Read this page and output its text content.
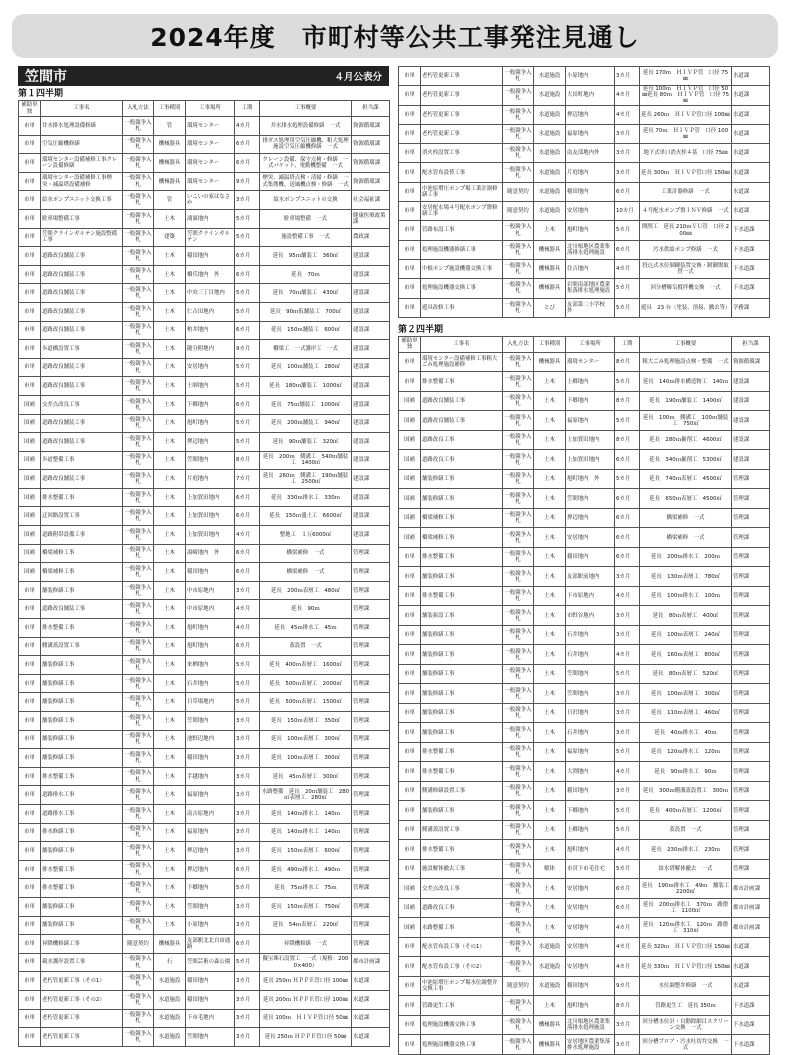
2024年度　市町村等公共工事発注見通し
笠間市	４月公表分
第１四半期
補助単独	工事名	入札方法	工事種別	工事場所	工期	工事概要	担当課
市単	井水排水処理設備修繕	一般競争入札	管	環境センター	4カ月	井水排水処理設備修繕　一式	資源循環課
市単	空気圧縮機修繕	一般競争入札	機械器具	環境センター	6カ月	排ガス処理用空気圧縮機、粗大処理施設空気圧縮機修繕　一式	資源循環課
市単	環境センター設備補修工事クレーン設備修繕	一般競争入札	機械器具	環境センター	6カ月	クレーン設備、保守点検・修繕　一式バケット、電動機整備　一式	資源循環課
市単	環境センター設備補修工事煙突・減温塔設備補修	一般競争入札	機械器具	環境センター	9カ月	煙突、減温塔点検・清掃・修繕　一式集塵機、送風機点検・修繕　一式	資源循環課
市単	給水ポンプユニット交換工事	一般競争入札	管	いこいの家はなさか	3カ月	給水ポンプユニットの交換	社会福祉課
市単	駐車場整備工事	一般競争入札	土木	鴻巣地内	5カ月	駐車場整備　一式	健康医療政策課
市単	笠間クラインガルテン施設整備工事	一般競争入札	建築	笠間クラインガルテン	5カ月	施設整備工事　一式	農政課
市単	道路改良舗装工事	一般競争入札	土木	稲田地内	6カ月	延長　95ｍ舗装工　360㎡	建設課
市単	道路改良舗装工事	一般競争入札	土木	橋爪地内　外	6カ月	延長　70ｍ	建設課
市単	道路改良舗装工事	一般競争入札	土木	中央三丁目地内	5カ月	延長　70ｍ舗装工　430㎡	建設課
市単	道路改良舗装工事	一般競争入札	土木	仁古田地内	5カ月	延長　90ｍ仮舗装工　700㎡	建設課
市単	道路改良舗装工事	一般競争入札	土木	柏井地内	6カ月	延長　150ｍ舗装工　600㎡	建設課
市単	歩道橋設置工事	一般競争入札	土木	随分附地内	9カ月	橋梁工　一式護岸工　一式	建設課
市単	道路改良舗装工事	一般競争入札	土木	安居地内	5カ月	延長　100ｍ舗装工　280㎡	建設課
市単	道路改良舗装工事	一般競争入札	土木	土師地内	5カ月	延長　180ｍ舗装工　1000㎡	建設課
国補	交差点改良工事	一般競争入札	土木	下郷地内	6カ月	延長　75ｍ舗装工　1000㎡	建設課
国補	道路改良舗装工事	一般競争入札	土木	旭町地内	5カ月	延長　200ｍ舗装工　940㎡	建設課
国補	道路改良舗装工事	一般競争入札	土木	押辺地内	5カ月	延長　90ｍ舗装工　320㎡	建設課
国補	歩道整備工事	一般競争入札	土木	笠間地内	8カ月	延長　200ｍ　側溝工　540ｍ舗装工　1400㎡	建設課
国補	道路改良舗装工事	一般競争入札	土木	片庭地内	7カ月	延長　260ｍ　側溝工　190ｍ舗装工　2500㎡	建設課
国補	排水整備工事	一般競争入札	土木	上加賀田地内	6カ月	延長　330ｍ排水工　330ｍ	建設課
国補	迂回路設置工事	一般競争入札	土木	上加賀田地内	6カ月	延長　150ｍ盛土工　6600㎡	建設課
国補	道路附帯設備工事	一般競争入札	土木	上加賀田地内	4カ月	整地工　１万6000㎡	建設課
国補	橋梁補修工事	一般競争入札	土木	湯崎地内　外	6カ月	橋梁補修　一式	管理課
国補	橋梁補修工事	一般競争入札	土木	稲田地内	6カ月	橋梁補修　一式	管理課
市単	舗装修繕工事	一般競争入札	土木	中市原地内	3カ月	延長　200ｍ表層工　480㎡	管理課
市単	道路改良舗装工事	一般競争入札	土木	中市原地内	4カ月	延長　90ｍ	管理課
市単	排水整備工事	一般競争入札	土木	旭町地内	4カ月	延長　45ｍ排水工　45ｍ	管理課
市単	側溝蓋設置工事	一般競争入札	土木	旭町地内	6カ月	蓋設置　一式	管理課
市単	舗装修繕工事	一般競争入札	土木	来栖地内	5カ月	延長　400ｍ表層工　1600㎡	管理課
市単	舗装修繕工事	一般競争入札	土木	石井地内	5カ月	延長　500ｍ表層工　2000㎡	管理課
市単	舗装修繕工事	一般競争入札	土木	日草場地内	5カ月	延長　500ｍ表層工　1500㎡	管理課
市単	舗装修繕工事	一般競争入札	土木	笠間地内	3カ月	延長　150ｍ表層工　350㎡	管理課
市単	舗装修繕工事	一般競争入札	土木	池野辺地内	3カ月	延長　100ｍ表層工　300㎡	管理課
市単	舗装修繕工事	一般競争入札	土木	稲田地内	3カ月	延長　100ｍ表層工　300㎡	管理課
市単	排水整備工事	一般競争入札	土木	手越地内	3カ月	延長　45ｍ表層工　300㎡	管理課
市単	道路排水工事	一般競争入札	土木	福原地内	3カ月	水路整備　延長　20ｍ舗装工　280㎡表層工　280㎡	管理課
市単	道路排水工事	一般競争入札	土木	南吉原地内	3カ月	延長　140ｍ排水工　140ｍ	管理課
市単	排水修繕工事	一般競争入札	土木	福原地内	3カ月	延長　140ｍ排水工　140ｍ	管理課
市単	舗装修繕工事	一般競争入札	土木	押辺地内	3カ月	延長　150ｍ表層工　600㎡	管理課
市単	排水整備工事	一般競争入札	土木	押辺地内	6カ月	延長　490ｍ排水工　490ｍ	管理課
市単	排水整備工事	一般競争入札	土木	下郷地内	5カ月	延長　75ｍ排水工　75ｍ	管理課
市単	舗装修繕工事	一般競争入札	土木	笠間地内	3カ月	延長　150ｍ表層工　750㎡	管理課
市単	舗装修繕工事	一般競争入札	土木	小原地内	3カ月	延長　54ｍ表層工　220㎡	管理課
市単	昇降機修繕工事	随意契約	機械器具	友部駅北北自由通路	6カ月	昇降機修繕　一式	管理課
市単	親水護岸設置工事	一般競争入札	石	笠間芸術の森公園	5カ月	擬宝珠石設置工　一式（規格：2000×400）	都市計画課
市単	老朽管更新工事（その1）	一般競争入札	水道施設	稲田地内	3カ月	延長 250ｍ ＨＰＰＥ管口径 100㎜	水道課
市単	老朽管更新工事（その2）	一般競争入札	水道施設	稲田地内	3カ月	延長 200ｍ ＨＰＰＥ管口径 100㎜	水道課
市単	老朽管更新工事	一般競争入札	水道施設	下市毛地内	3カ月	延長 100ｍ　ＨＩＶＰ管口径 50㎜	水道課
市単	老朽管更新工事	一般競争入札	水道施設	笠間地内	3カ月	延長 250ｍ ＨＰＰＥ管口径 50㎜	水道課
市単	老朽管更新工事	一般競争入札	水道施設	小原地内	3カ月	延長 170ｍ　ＨＩＶＰ管　口径 75㎜	水道課
市単	老朽管更新工事	一般競争入札	水道施設	大田町地内	4カ月	延長 100ｍ　ＨＩＶＰ管　口径 50㎜延長 80ｍ　ＨＩＶＰ管　口径 75㎜	水道課
市単	老朽管更新工事	一般競争入札	水道施設	押辺地内	4カ月	延長 260ｍ　ＨＩＶＰ管口径 100㎜	水道課
市単	老朽管更新工事	一般競争入札	水道施設	福原地内	3カ月	延長 70ｍ　ＨＩＶＰ管　口径 100㎜	水道課
市単	消火栓設置工事	一般競争入札	水道施設	南友部地内外	3カ月	地下式単口消火栓４基　口径 75㎜	水道課
市単	配水管布設替工事	一般競争入札	水道施設	片庭地内	3カ月	延長 300ｍ　ＨＩＶＰ管口径 150㎜	水道課
市単	中池原増圧ポンプ場工業計器修繕工事	随意契約	水道施設	稲田地内	6カ月	工業計器修繕　一式	水道課
市単	安居配水場４号配水ポンプ盤修繕工事	随意契約	水道施設	安居地内	10カ月	４号配水ポンプ盤ＩＮＶ修繕　一式	水道課
市単	管路布設工事	一般競争入札	土木	旭町地内	5カ月	開削工　延長 210ｍＶＵ管　口径 200㎜	下水道課
市単	処理施設機器修繕工事	一般競争入札	機械器具	北川根地区農業集落排水処理施設	6カ月	汚水供給ポンプ修繕　一式	下水道課
市単	中根ポンプ施設機器交換工事	一般競争入札	機械器具	住吉地内	4カ月	投込式水位制御装置交換・制御盤取替一式	下水道課
市単	処理施設機器交換工事	一般競争入札	機械器具	岩間南部地区農業集落排水処理施設	5カ月	回分槽曝気撹拌機交換　一式	下水道課
市単	遊具改修工事	一般競争入札	とび	友部第二小学校　外	5カ月	遊具　23 台（塗装、溶接、撤去等）	学務課
第２四半期
補助単独	工事名	入札方法	工事種別	工事場所	工期	工事概要	担当課
市単	環境センター設備補修工事粗大ごみ処理施設補修	一般競争入札	機械器具	環境センター	8カ月	粗大ごみ処理施設点検・整備　一式	資源循環課
市単	排水整備工事	一般競争入札	土木	上郷地内	5カ月	延長　140ｍ排水構造物工　140ｍ	建設課
国補	道路改良舗装工事	一般競争入札	土木	下郷地内	8カ月	延長　190ｍ舗装工　1400㎡	建設課
国補	道路改良舗装工事	一般競争入札	土木	福原地内	5カ月	延長　100ｍ　側溝工　100ｍ舗装工　750㎡	建設課
国補	道路改良工事	一般競争入札	土木	上加賀田地内	8カ月	延長　280ｍ掘削工　4600㎡	建設課
国補	道路改良工事	一般競争入札	土木	上加賀田地内	6カ月	延長　340ｍ掘削工　5300㎡	建設課
国補	舗装修繕工事	一般競争入札	土木	旭町地内　外	5カ月	延長　740ｍ表層工　4500㎡	管理課
国補	舗装修繕工事	一般競争入札	土木	笠間地内	6カ月	延長　650ｍ表層工　4500㎡	管理課
国補	橋梁補修工事	一般競争入札	土木	押辺地内	6カ月	橋梁補修　一式	管理課
国補	橋梁補修工事	一般競争入札	土木	安居地内	6カ月	橋梁補修　一式	管理課
市単	排水整備工事	一般競争入札	土木	稲田地内	6カ月	延長　200ｍ排水工　200ｍ	管理課
市単	舗装修繕工事	一般競争入札	土木	友部駅前地内	3カ月	延長　130ｍ表層工　780㎡	管理課
市単	排水整備工事	一般競争入札	土木	下市原地内	4カ月	延長　100ｍ排水工　100ｍ	管理課
市単	舗装新設工事	一般競争入札	土木	市野谷地内	3カ月	延長　80ｍ表層工　400㎡	管理課
市単	舗装修繕工事	一般競争入札	土木	石井地内	3カ月	延長　100ｍ表層工　240㎡	管理課
市単	舗装修繕工事	一般競争入札	土木	石井地内	4カ月	延長　160ｍ表層工　800㎡	管理課
市単	舗装修繕工事	一般競争入札	土木	笠間地内	5カ月	延長　80ｍ表層工　520㎡	管理課
市単	舗装修繕工事	一般競争入札	土木	笠間地内	3カ月	延長　100ｍ表層工　300㎡	管理課
市単	舗装修繕工事	一般競争入札	土木	日沢地内	3カ月	延長　110ｍ表層工　460㎡	管理課
市単	舗装修繕工事	一般競争入札	土木	石井地内	3カ月	延長　40ｍ排水工　40ｍ	管理課
市単	排水整備工事	一般競争入札	土木	福原地内	5カ月	延長　120ｍ排水工　120ｍ	管理課
市単	排水整備工事	一般競争入札	土木	大渕地内	4カ月	延長　90ｍ排水工　90ｍ	管理課
市単	側溝修繕設置工事	一般競争入札	土木	稲田地内	3カ月	延長　300ｍ側溝蓋設置工　300ｍ	管理課
市単	舗装修繕工事	一般競争入札	土木	下郷地内	5カ月	延長　400ｍ表層工　1200㎡	管理課
市単	側溝蓋設置工事	一般競争入札	土木	上郷地内	5カ月	蓋設置　一式	管理課
市単	排水整備工事	一般競争入札	土木	旭町地内	4カ月	延長　230ｍ排水工　230ｍ	管理課
市単	施設解体撤去工事	一般競争入札	解体	市営下市毛住宅	5カ月	給水塔解体撤去　一式	管理課
国補	交差点改良工事	一般競争入札	土木	安居地内	6カ月	延長　190ｍ排水工　49ｍ　舗装工　2200㎡	都市計画課
国補	道路改良工事	一般競争入札	土木	安居地内	6カ月	延長　200ｍ排水工　370ｍ　路盤工　1100㎡	都市計画課
国補	水路整備工事	一般競争入札	土木	安居地内	4カ月	延長　120ｍ排水工　120ｍ　路盤工　310㎡	都市計画課
市単	配水管布設工事（その1）	一般競争入札	水道施設	安居地内	4カ月	延長 320ｍ　ＨＩＶＰ管口径 150㎜	水道課
市単	配水管布設工事（その2）	一般競争入札	水道施設	安居地内	4カ月	延長 330ｍ　ＨＩＶＰ管口径 150㎜	水道課
市単	中池原増圧ポンプ場水位調整弁交換工事	随意契約	水道施設	稲田地内	9カ月	水位調整弁修繕　一式	水道課
市単	管路更生工事	一般競争入札	土木	旭町地内	8カ月	管路更生工　延長 350ｍ	下水道課
市単	処理施設機器交換工事	一般競争入札	機械器具	北川根地区農業集落排水処理施設	3カ月	回分槽水位計・自動除細目スクリーン交換　一式	下水道課
市単	処理施設機器交換工事	一般競争入札	機械器具	安居地区農業集落排水処理施設	3カ月	回分槽ブロア・汚水吐切弁交換　一式	下水道課
